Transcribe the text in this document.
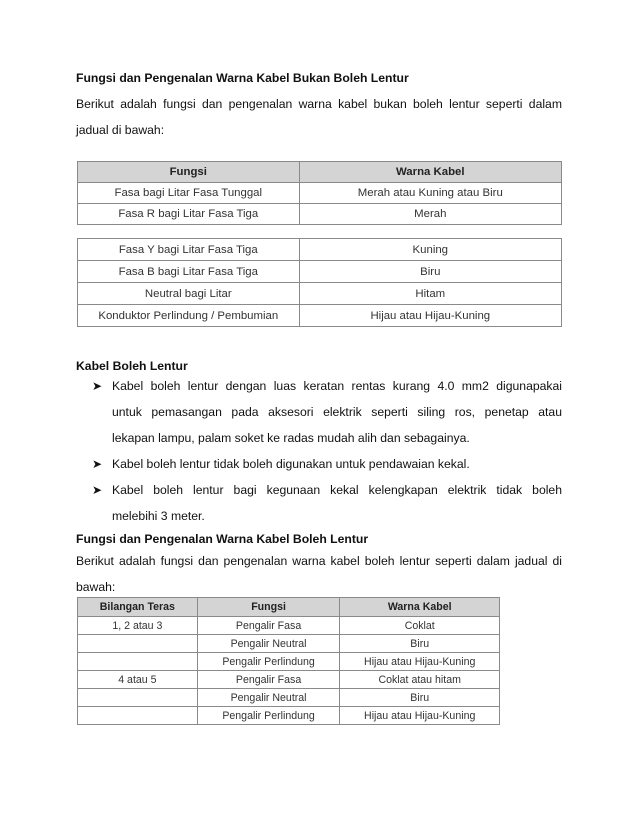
Fungsi dan Pengenalan Warna Kabel Bukan Boleh Lentur
Berikut adalah fungsi dan pengenalan warna kabel bukan boleh lentur seperti dalam
jadual di bawah:
Fungsi	Warna Kabel
Fasa bagi Litar Fasa Tunggal	Merah atau Kuning atau Biru
Fasa R bagi Litar Fasa Tiga	Merah
Fasa Y bagi Litar Fasa Tiga	Kuning
Fasa B bagi Litar Fasa Tiga	Biru
Neutral bagi Litar	Hitam
Konduktor Perlindung / Pembumian	Hijau atau Hijau-Kuning
Kabel Boleh Lentur
➤ Kabel boleh lentur dengan luas keratan rentas kurang 4.0 mm2 digunapakai
untuk pemasangan pada aksesori elektrik seperti siling ros, penetap atau
lekapan lampu, palam soket ke radas mudah alih dan sebagainya.
➤ Kabel boleh lentur tidak boleh digunakan untuk pendawaian kekal.
➤ Kabel boleh lentur bagi kegunaan kekal kelengkapan elektrik tidak boleh
melebihi 3 meter.
Fungsi dan Pengenalan Warna Kabel Boleh Lentur
Berikut adalah fungsi dan pengenalan warna kabel boleh lentur seperti dalam jadual di
bawah:
Bilangan Teras	Fungsi	Warna Kabel
1, 2 atau 3	Pengalir Fasa	Coklat
	Pengalir Neutral	Biru
	Pengalir Perlindung	Hijau atau Hijau-Kuning
4 atau 5	Pengalir Fasa	Coklat atau hitam
	Pengalir Neutral	Biru
	Pengalir Perlindung	Hijau atau Hijau-Kuning
